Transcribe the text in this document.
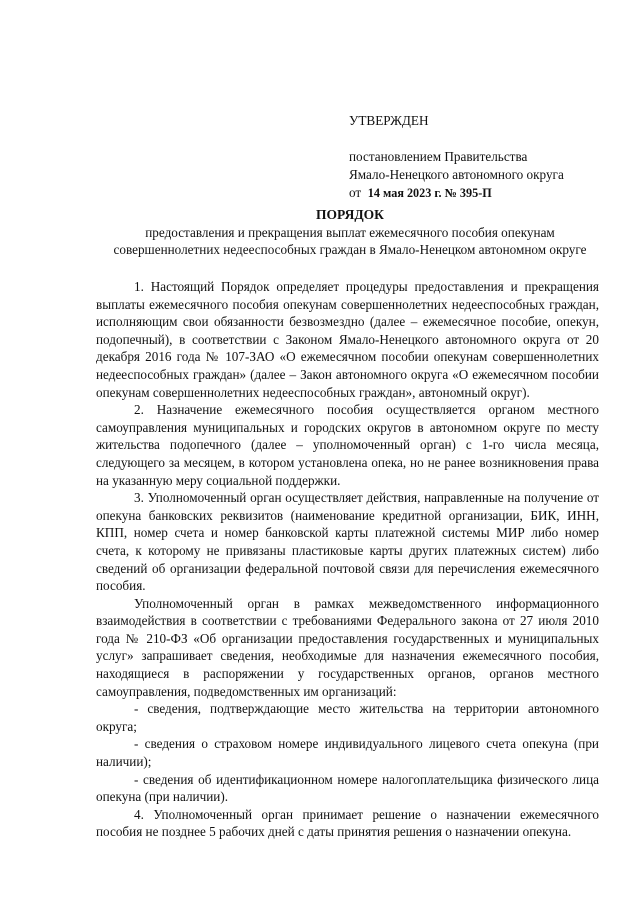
УТВЕРЖДЕН
постановлением Правительства
Ямало-Ненецкого автономного округа
от 14 мая 2023 г. № 395-П
ПОРЯДОК
предоставления и прекращения выплат ежемесячного пособия опекунам совершеннолетних недееспособных граждан в Ямало-Ненецком автономном округе

1. Настоящий Порядок определяет процедуры предоставления и прекращения выплаты ежемесячного пособия опекунам совершеннолетних недееспособных граждан, исполняющим свои обязанности безвозмездно (далее – ежемесячное пособие, опекун, подопечный), в соответствии с Законом Ямало-Ненецкого автономного округа от 20 декабря 2016 года № 107-ЗАО «О ежемесячном пособии опекунам совершеннолетних недееспособных граждан» (далее – Закон автономного округа «О ежемесячном пособии опекунам совершеннолетних недееспособных граждан», автономный округ).

2. Назначение ежемесячного пособия осуществляется органом местного самоуправления муниципальных и городских округов в автономном округе по месту жительства подопечного (далее – уполномоченный орган) с 1-го числа месяца, следующего за месяцем, в котором установлена опека, но не ранее возникновения права на указанную меру социальной поддержки.

3. Уполномоченный орган осуществляет действия, направленные на получение от опекуна банковских реквизитов (наименование кредитной организации, БИК, ИНН, КПП, номер счета и номер банковской карты платежной системы МИР либо номер счета, к которому не привязаны пластиковые карты других платежных систем) либо сведений об организации федеральной почтовой связи для перечисления ежемесячного пособия.

Уполномоченный орган в рамках межведомственного информационного взаимодействия в соответствии с требованиями Федерального закона от 27 июля 2010 года № 210-ФЗ «Об организации предоставления государственных и муниципальных услуг» запрашивает сведения, необходимые для назначения ежемесячного пособия, находящиеся в распоряжении у государственных органов, органов местного самоуправления, подведомственных им организаций:

- сведения, подтверждающие место жительства на территории автономного округа;

- сведения о страховом номере индивидуального лицевого счета опекуна (при наличии);

- сведения об идентификационном номере налогоплательщика физического лица опекуна (при наличии).

4. Уполномоченный орган принимает решение о назначении ежемесячного пособия не позднее 5 рабочих дней с даты принятия решения о назначении опекуна.
